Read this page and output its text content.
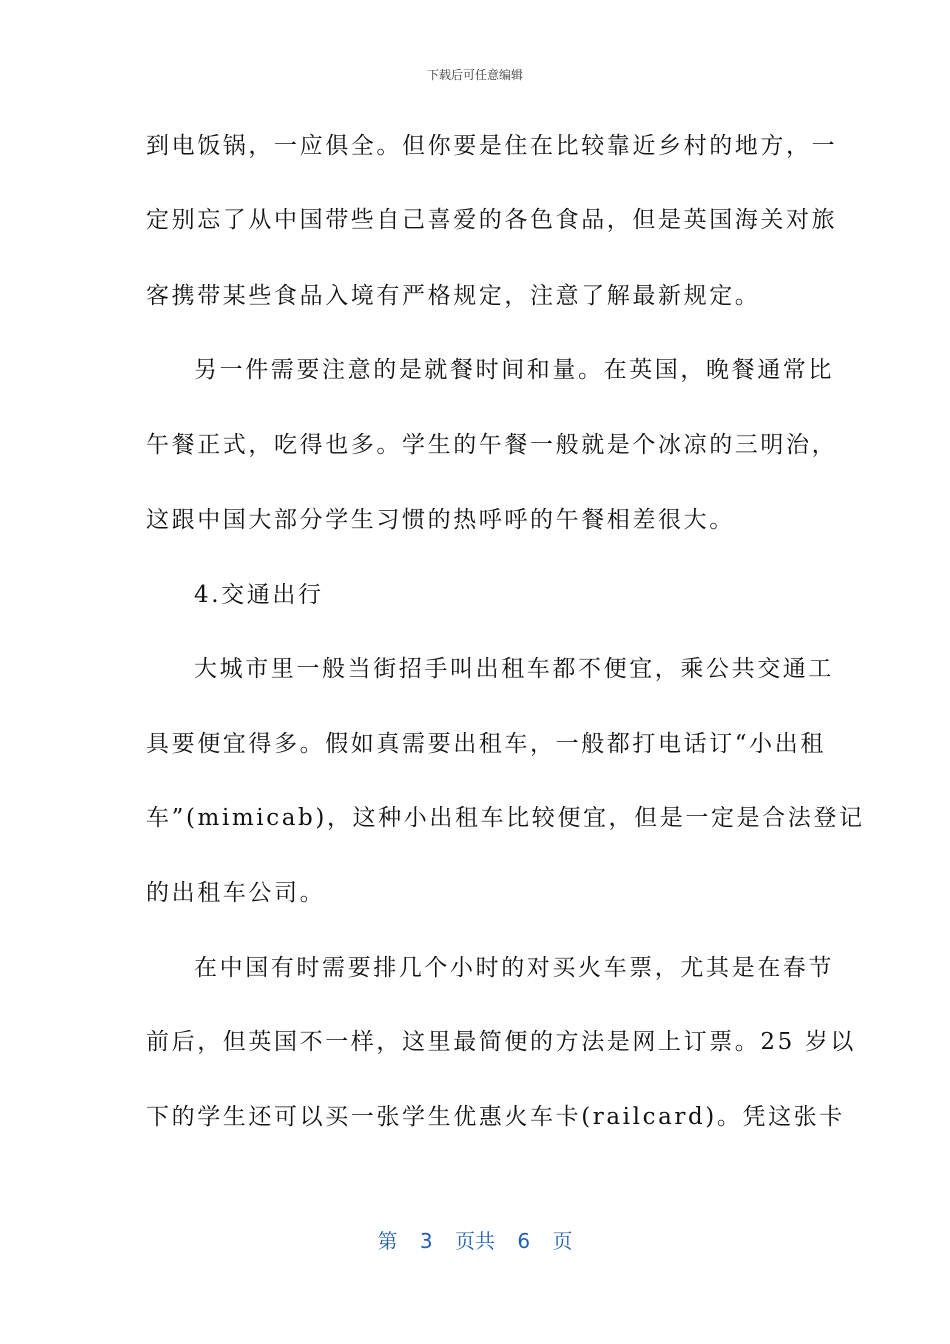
下载后可任意编辑
到电饭锅，一应俱全。但你要是住在比较靠近乡村的地方，一
定别忘了从中国带些自己喜爱的各色食品，但是英国海关对旅
客携带某些食品入境有严格规定，注意了解最新规定。
另一件需要注意的是就餐时间和量。在英国，晚餐通常比
午餐正式，吃得也多。学生的午餐一般就是个冰凉的三明治，
这跟中国大部分学生习惯的热呼呼的午餐相差很大。
4.交通出行
大城市里一般当街招手叫出租车都不便宜，乘公共交通工
具要便宜得多。假如真需要出租车，一般都打电话订“小出租
车”(mimicab)，这种小出租车比较便宜，但是一定是合法登记
的出租车公司。
在中国有时需要排几个小时的对买火车票，尤其是在春节
前后，但英国不一样，这里最简便的方法是网上订票。25 岁以
下的学生还可以买一张学生优惠火车卡(railcard)。凭这张卡
第 3 页共 6 页
